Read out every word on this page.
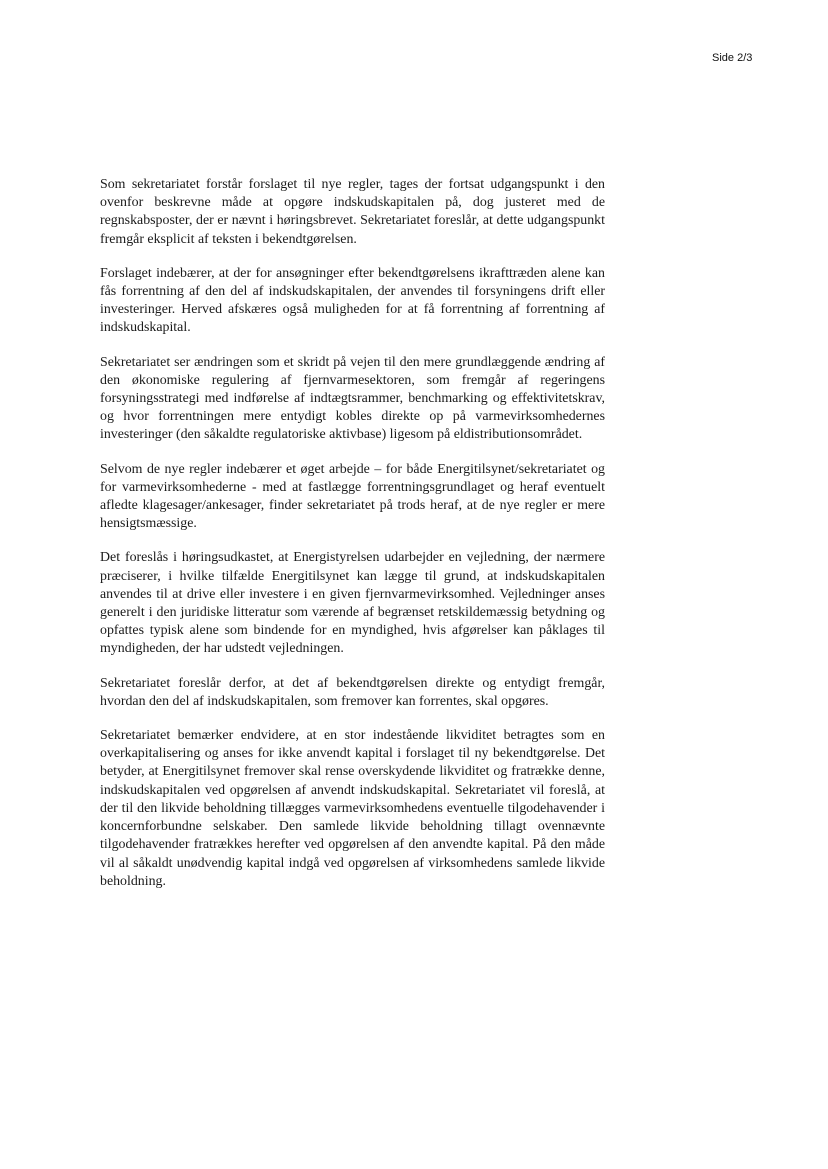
Side 2/3

Som sekretariatet forstår forslaget til nye regler, tages der fortsat udgangspunkt i den ovenfor beskrevne måde at opgøre indskudskapitalen på, dog justeret med de regnskabsposter, der er nævnt i høringsbrevet. Sekretariatet foreslår, at dette udgangspunkt fremgår eksplicit af teksten i bekendtgørelsen.

Forslaget indebærer, at der for ansøgninger efter bekendtgørelsens ikrafttræden alene kan fås forrentning af den del af indskudskapitalen, der anvendes til forsyningens drift eller investeringer. Herved afskæres også muligheden for at få forrentning af forrentning af indskudskapital.

Sekretariatet ser ændringen som et skridt på vejen til den mere grundlæggende ændring af den økonomiske regulering af fjernvarmesektoren, som fremgår af regeringens forsyningsstrategi med indførelse af indtægtsrammer, benchmarking og effektivitetskrav, og hvor forrentningen mere entydigt kobles direkte op på varmevirksomhedernes investeringer (den såkaldte regulatoriske aktivbase) ligesom på eldistributionsområdet.

Selvom de nye regler indebærer et øget arbejde – for både Energitilsynet/sekretariatet og for varmevirksomhederne - med at fastlægge forrentningsgrundlaget og heraf eventuelt afledte klagesager/ankesager, finder sekretariatet på trods heraf, at de nye regler er mere hensigtsmæssige.

Det foreslås i høringsudkastet, at Energistyrelsen udarbejder en vejledning, der nærmere præciserer, i hvilke tilfælde Energitilsynet kan lægge til grund, at indskudskapitalen anvendes til at drive eller investere i en given fjernvarmevirksomhed. Vejledninger anses generelt i den juridiske litteratur som værende af begrænset retskildemæssig betydning og opfattes typisk alene som bindende for en myndighed, hvis afgørelser kan påklages til myndigheden, der har udstedt vejledningen.

Sekretariatet foreslår derfor, at det af bekendtgørelsen direkte og entydigt fremgår, hvordan den del af indskudskapitalen, som fremover kan forrentes, skal opgøres.

Sekretariatet bemærker endvidere, at en stor indestående likviditet betragtes som en overkapitalisering og anses for ikke anvendt kapital i forslaget til ny bekendtgørelse. Det betyder, at Energitilsynet fremover skal rense overskydende likviditet og fratrække denne, indskudskapitalen ved opgørelsen af anvendt indskudskapital. Sekretariatet vil foreslå, at der til den likvide beholdning tillægges varmevirksomhedens eventuelle tilgodehavender i koncernforbundne selskaber. Den samlede likvide beholdning tillagt ovennævnte tilgodehavender fratrækkes herefter ved opgørelsen af den anvendte kapital. På den måde vil al såkaldt unødvendig kapital indgå ved opgørelsen af virksomhedens samlede likvide beholdning.
